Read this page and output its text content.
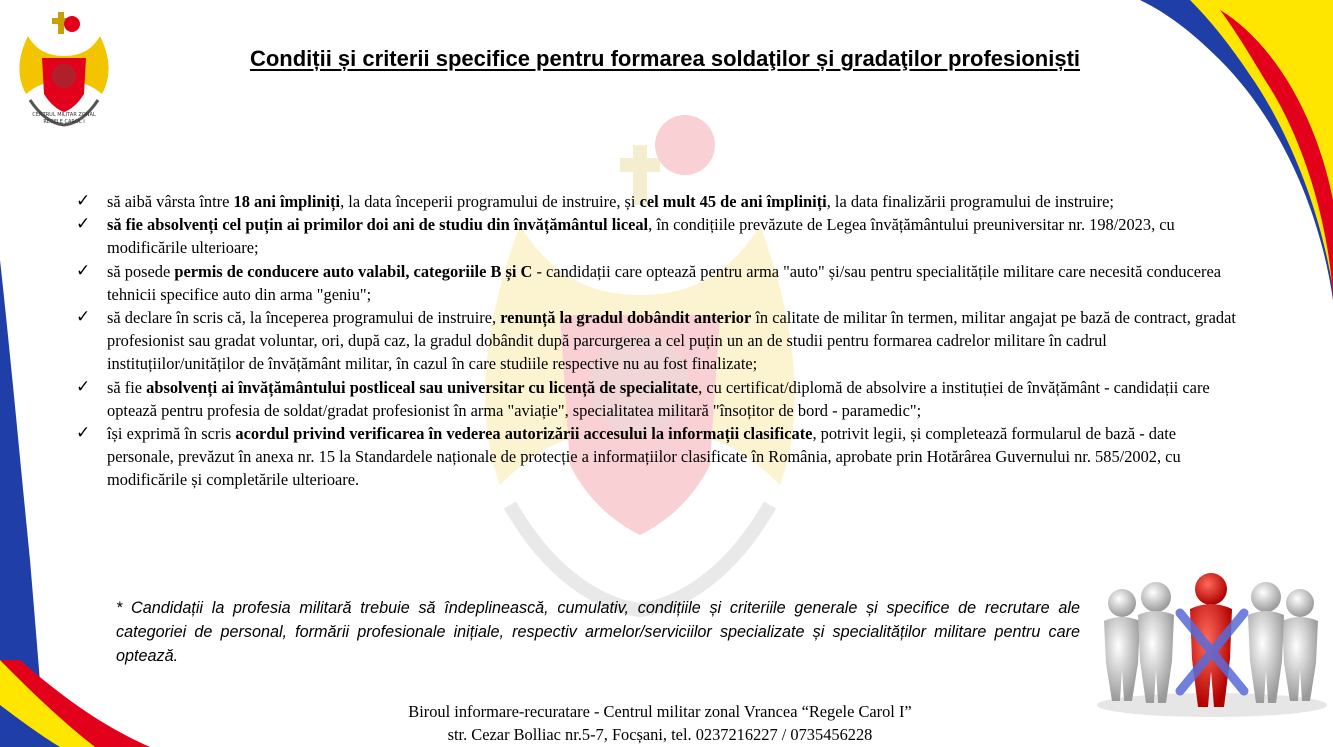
CENTRUL MILITAR ZONAL
REGELE CAROL I
Condiții și criterii specifice pentru formarea soldaţilor și gradaţilor profesioniști
✓ să aibă vârsta între 18 ani împliniți, la data începerii programului de instruire, și cel mult 45 de ani împliniți, la data finalizării programului de instruire;
✓ să fie absolvenți cel puțin ai primilor doi ani de studiu din învățământul liceal, în condițiile prevăzute de Legea învățământului preuniversitar nr. 198/2023, cu modificările ulterioare;
✓ să posede permis de conducere auto valabil, categoriile B și C - candidații care optează pentru arma "auto" și/sau pentru specialitățile militare care necesită conducerea tehnicii specifice auto din arma "geniu";
✓ să declare în scris că, la începerea programului de instruire, renunță la gradul dobândit anterior în calitate de militar în termen, militar angajat pe bază de contract, gradat profesionist sau gradat voluntar, ori, după caz, la gradul dobândit după parcurgerea a cel puțin un an de studii pentru formarea cadrelor militare în cadrul instituțiilor/unităților de învățământ militar, în cazul în care studiile respective nu au fost finalizate;
✓ să fie absolvenți ai învățământului postliceal sau universitar cu licență de specialitate, cu certificat/diplomă de absolvire a instituției de învățământ - candidații care optează pentru profesia de soldat/gradat profesionist în arma "aviație", specialitatea militară "însoțitor de bord - paramedic";
✓ își exprimă în scris acordul privind verificarea în vederea autorizării accesului la informații clasificate, potrivit legii, și completează formularul de bază - date personale, prevăzut în anexa nr. 15 la Standardele naționale de protecție a informațiilor clasificate în România, aprobate prin Hotărârea Guvernului nr. 585/2002, cu modificările și completările ulterioare.
* Candidații la profesia militară trebuie să îndeplinească, cumulativ, condițiile și criteriile generale și specifice de recrutare ale categoriei de personal, formării profesionale inițiale, respectiv armelor/serviciilor specializate și specialităților militare pentru care optează.
Biroul informare-recuratare - Centrul militar zonal Vrancea “Regele Carol I”
str. Cezar Bolliac nr.5-7, Focșani, tel. 0237216227 / 0735456228
